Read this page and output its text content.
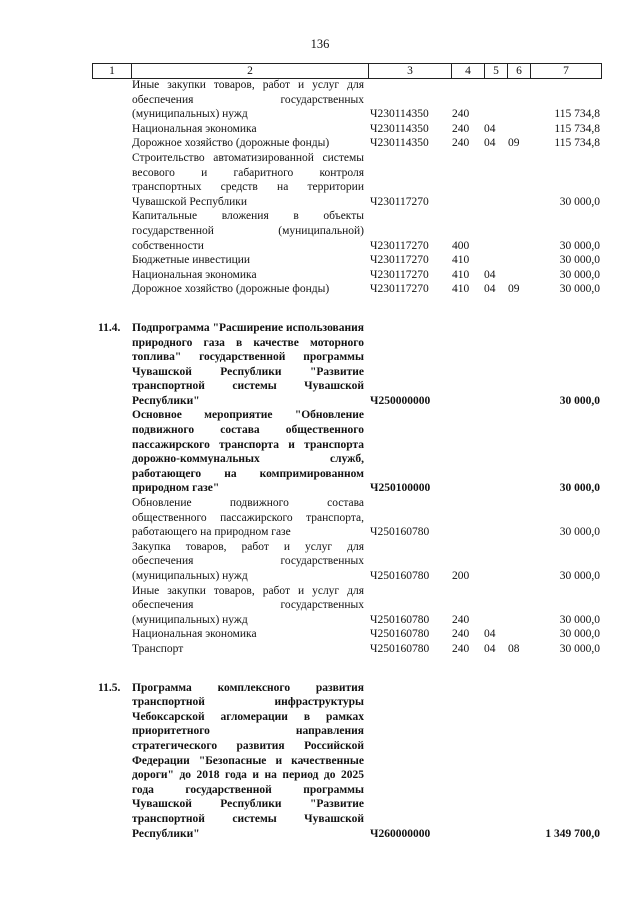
136
1	2	3	4	5	6	7
Иные закупки товаров, работ и услуг для обеспечения государственных (муниципальных) нужд	Ч230114350 240	115 734,8
Национальная экономика	Ч230114350 240 04	115 734,8
Дорожное хозяйство (дорожные фонды)	Ч230114350 240 04 09	115 734,8
Строительство автоматизированной системы весового и габаритного контроля транспортных средств на территории Чувашской Республики	Ч230117270	30 000,0
Капитальные вложения в объекты государственной (муниципальной) собственности	Ч230117270 400	30 000,0
Бюджетные инвестиции	Ч230117270 410	30 000,0
Национальная экономика	Ч230117270 410 04	30 000,0
Дорожное хозяйство (дорожные фонды)	Ч230117270 410 04 09	30 000,0
11.4. Подпрограмма "Расширение использования природного газа в качестве моторного топлива" государственной программы Чувашской Республики "Развитие транспортной системы Чувашской Республики"	Ч250000000	30 000,0
Основное мероприятие "Обновление подвижного состава общественного пассажирского транспорта и транспорта дорожно-коммунальных служб, работающего на компримированном природном газе"	Ч250100000	30 000,0
Обновление подвижного состава общественного пассажирского транспорта, работающего на природном газе	Ч250160780	30 000,0
Закупка товаров, работ и услуг для обеспечения государственных (муниципальных) нужд	Ч250160780 200	30 000,0
Иные закупки товаров, работ и услуг для обеспечения государственных (муниципальных) нужд	Ч250160780 240	30 000,0
Национальная экономика	Ч250160780 240 04	30 000,0
Транспорт	Ч250160780 240 04 08	30 000,0
11.5. Программа комплексного развития транспортной инфраструктуры Чебоксарской агломерации в рамках приоритетного направления стратегического развития Российской Федерации "Безопасные и качественные дороги" до 2018 года и на период до 2025 года государственной программы Чувашской Республики "Развитие транспортной системы Чувашской Республики"	Ч260000000	1 349 700,0
